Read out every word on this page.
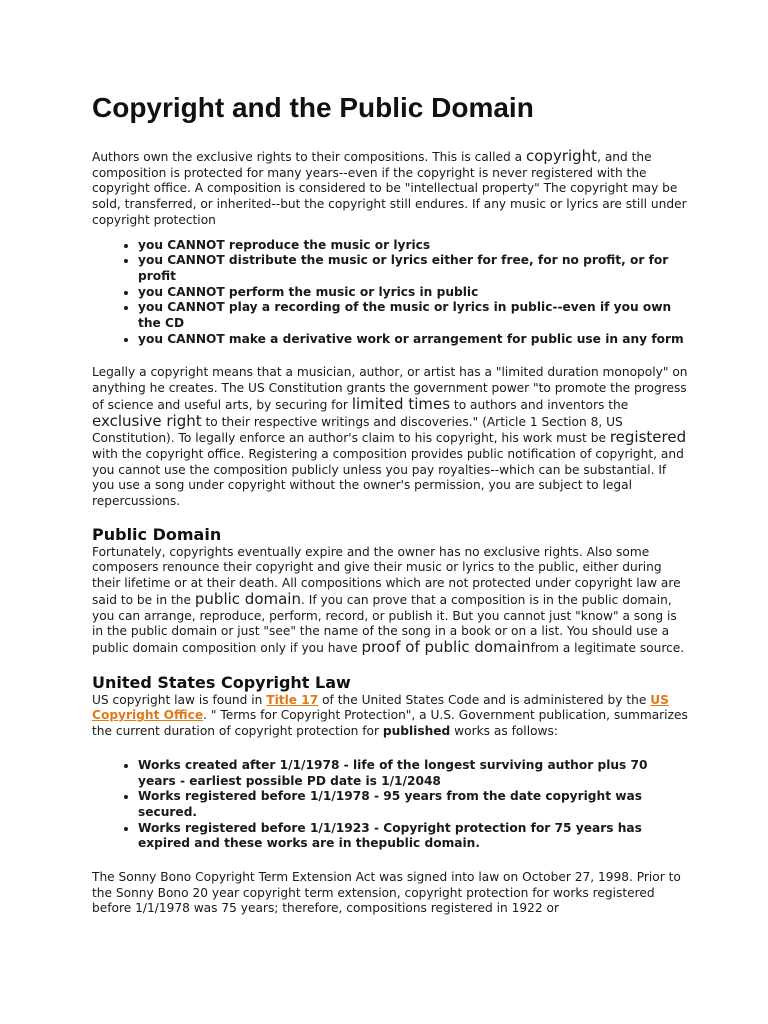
Copyright and the Public Domain

Authors own the exclusive rights to their compositions. This is called a copyright, and the composition is protected for many years--even if the copyright is never registered with the copyright office. A composition is considered to be "intellectual property" The copyright may be sold, transferred, or inherited--but the copyright still endures. If any music or lyrics are still under copyright protection

• you CANNOT reproduce the music or lyrics
• you CANNOT distribute the music or lyrics either for free, for no profit, or for profit
• you CANNOT perform the music or lyrics in public
• you CANNOT play a recording of the music or lyrics in public--even if you own the CD
• you CANNOT make a derivative work or arrangement for public use in any form

Legally a copyright means that a musician, author, or artist has a "limited duration monopoly" on anything he creates. The US Constitution grants the government power "to promote the progress of science and useful arts, by securing for limited times to authors and inventors the exclusive right to their respective writings and discoveries." (Article 1 Section 8, US Constitution). To legally enforce an author's claim to his copyright, his work must be registered with the copyright office. Registering a composition provides public notification of copyright, and you cannot use the composition publicly unless you pay royalties--which can be substantial. If you use a song under copyright without the owner's permission, you are subject to legal repercussions.

Public Domain

Fortunately, copyrights eventually expire and the owner has no exclusive rights. Also some composers renounce their copyright and give their music or lyrics to the public, either during their lifetime or at their death. All compositions which are not protected under copyright law are said to be in the public domain. If you can prove that a composition is in the public domain, you can arrange, reproduce, perform, record, or publish it. But you cannot just "know" a song is in the public domain or just "see" the name of the song in a book or on a list. You should use a public domain composition only if you have proof of public domainfrom a legitimate source.

United States Copyright Law

US copyright law is found in Title 17 of the United States Code and is administered by the US Copyright Office. " Terms for Copyright Protection", a U.S. Government publication, summarizes the current duration of copyright protection for published works as follows:

• Works created after 1/1/1978 - life of the longest surviving author plus 70 years - earliest possible PD date is 1/1/2048
• Works registered before 1/1/1978 - 95 years from the date copyright was secured.
• Works registered before 1/1/1923 - Copyright protection for 75 years has expired and these works are in thepublic domain.

The Sonny Bono Copyright Term Extension Act was signed into law on October 27, 1998. Prior to the Sonny Bono 20 year copyright term extension, copyright protection for works registered before 1/1/1978 was 75 years; therefore, compositions registered in 1922 or
